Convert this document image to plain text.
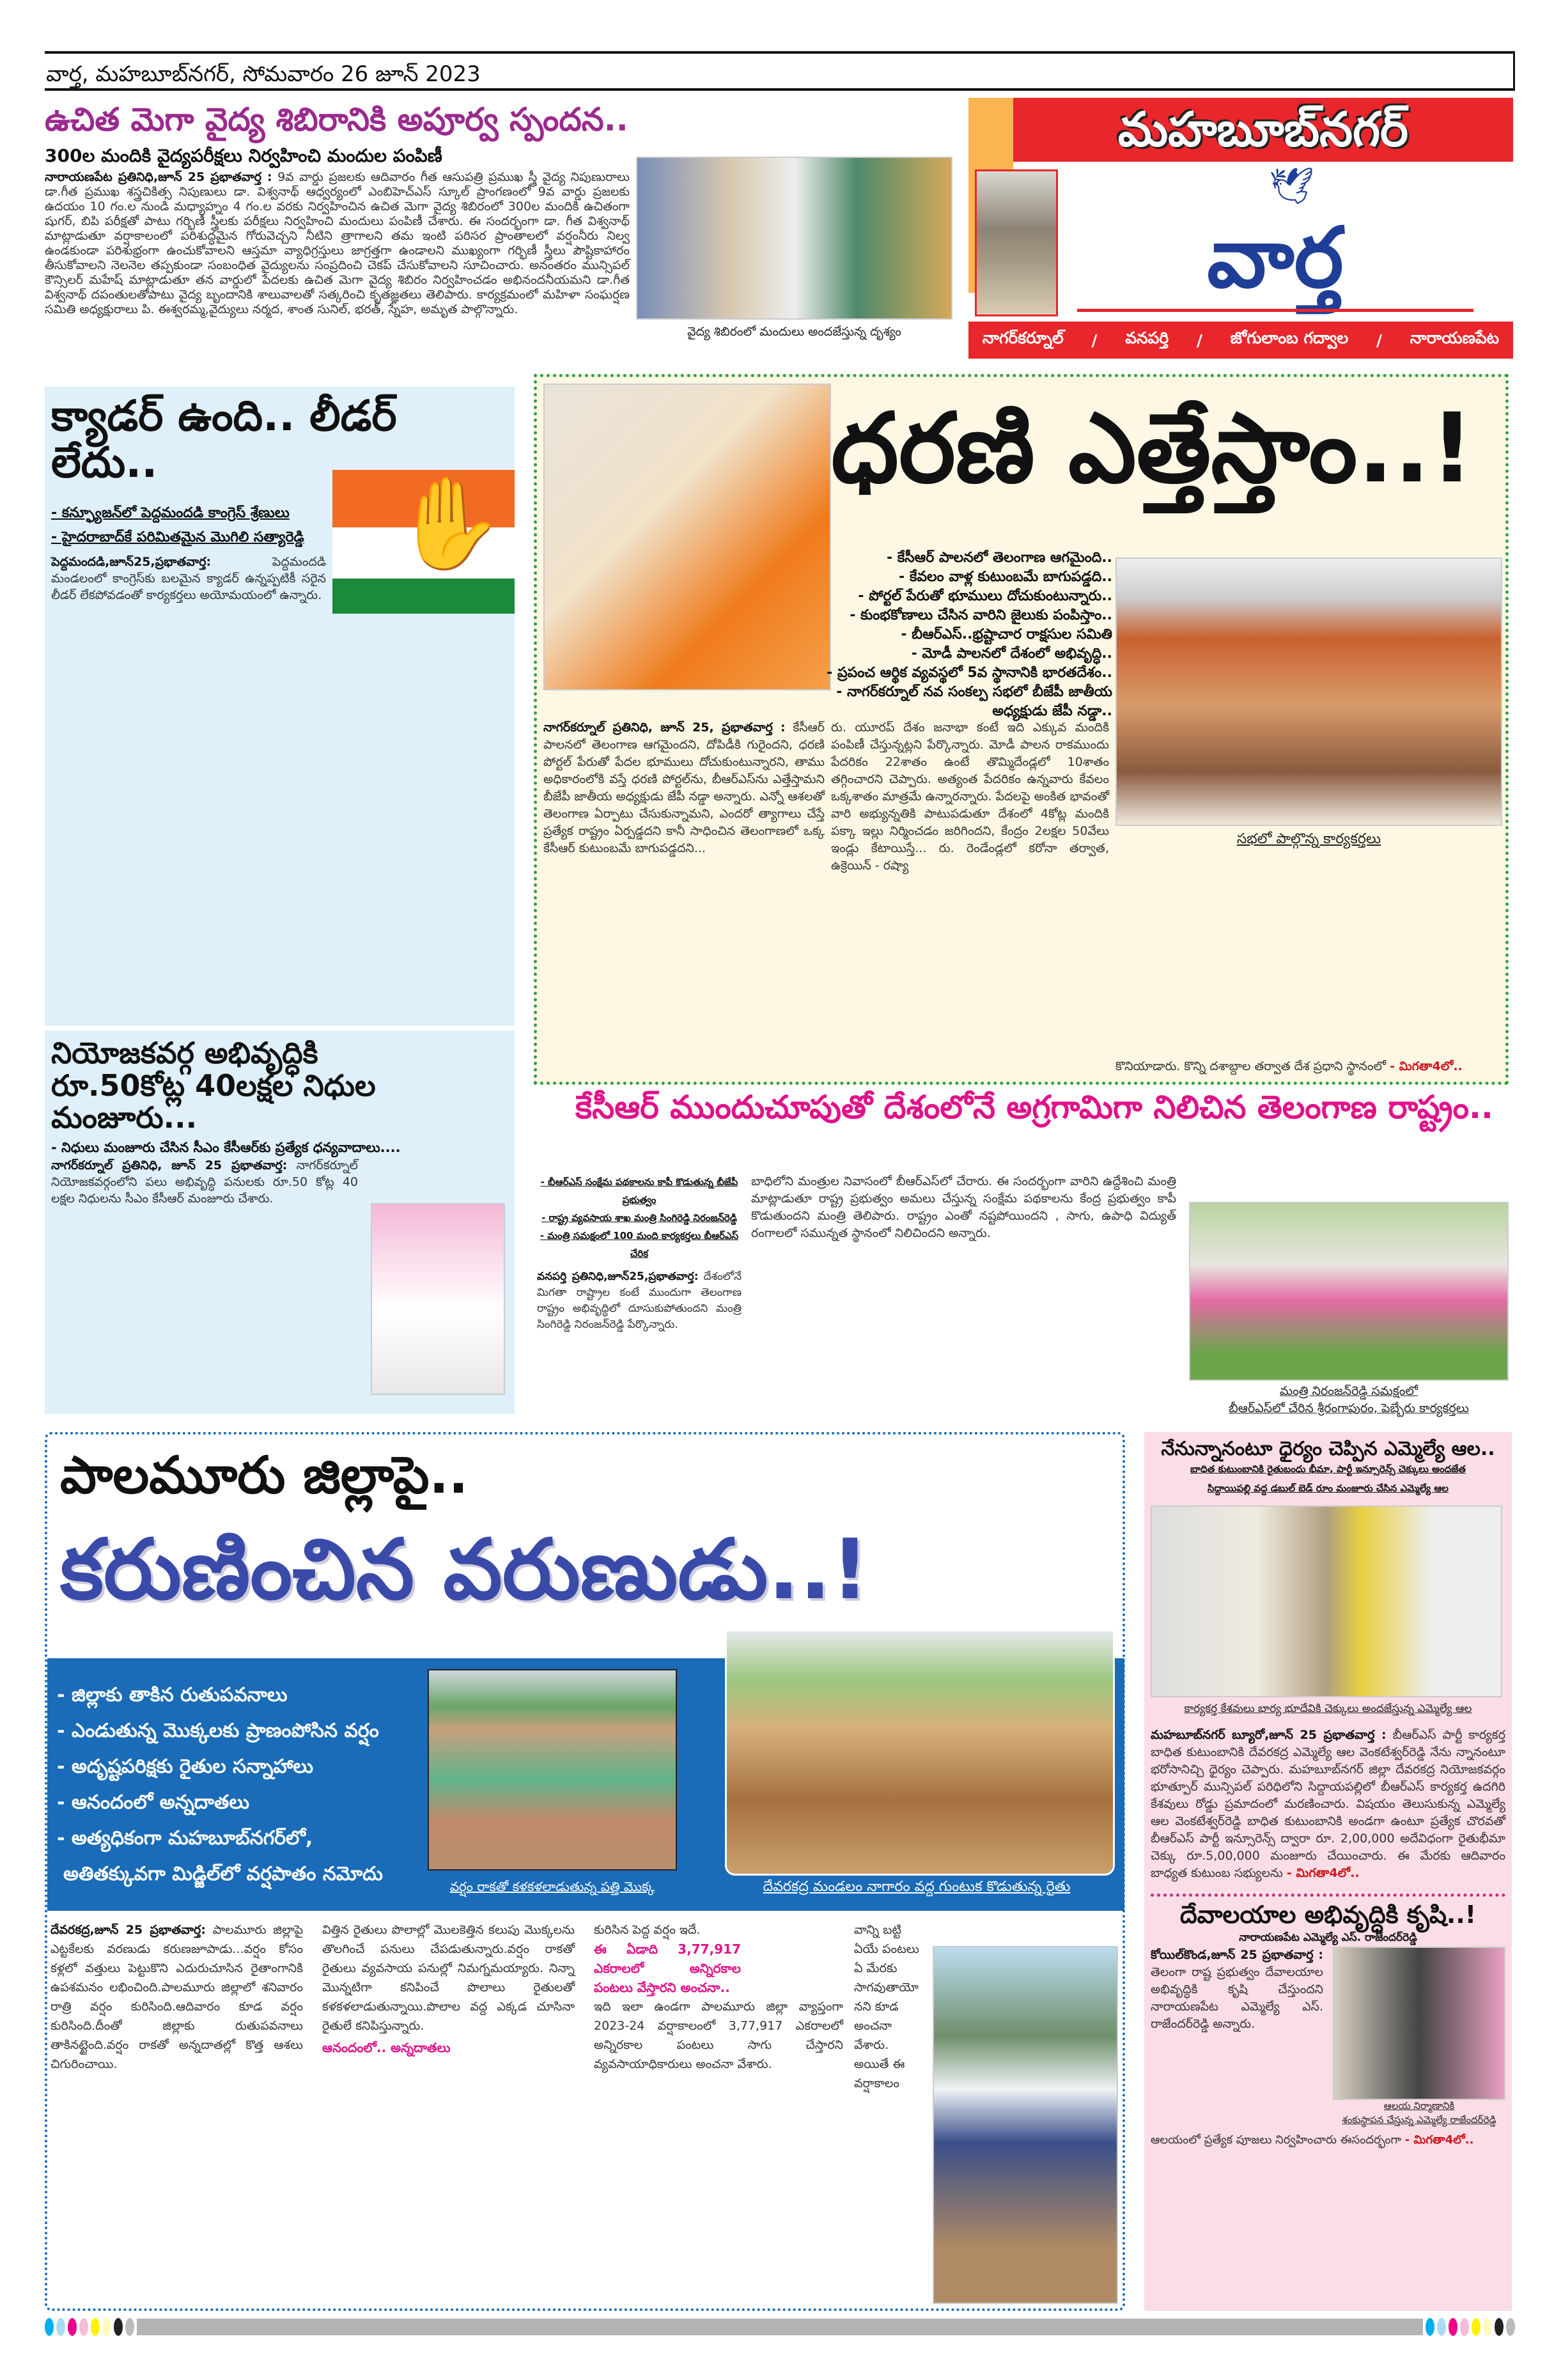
వార్త, మహబూబ్‌నగర్, సోమవారం 26 జూన్ 2023
ఉచిత మెగా వైద్య శిబిరానికి అపూర్వ స్పందన..
300ల మందికి వైద్యపరీక్షలు నిర్వహించి మందుల పంపిణీ
నారాయణపేట ప్రతినిధి,జూన్ 25 ప్రభాతవార్త : 9వ వార్డు ప్రజలకు ఆదివారం గీత ఆసుపత్రి ప్రముఖ స్త్రీ వైద్య నిపుణురాలు డా.గీత ప్రముఖ శస్త్రచికిత్స నిపుణులు డా. విశ్వనాథ్ ఆధ్వర్యంలో ఎంబిహెచ్ఎస్ స్కూల్ ప్రాంగణంలో 9వ వార్డు ప్రజలకు ఉదయం 10 గం.ల నుండి మధ్యాహ్నం 4 గం.ల వరకు నిర్వహించిన ఉచిత మెగా వైద్య శిబిరంలో 300ల మందికి ఉచితంగా షుగర్, బిపి పరీక్షతో పాటు గర్భిణీ స్త్రీలకు పరీక్షలు నిర్వహించి మందులు పంపిణీ చేశారు. ఈ సందర్భంగా డా. గీత విశ్వనాథ్ మాట్లాడుతూ వర్షాకాలంలో పరిశుద్ధమైన గోరువెచ్చని నీటిని త్రాగాలని తమ ఇంటి పరిసర ప్రాంతాలలో వర్షంనీరు నిల్వ ఉండకుండా పరిశుభ్రంగా ఉంచుకోవాలని ఆస్తమా వ్యాధిగ్రస్తులు జాగ్రత్తగా ఉండాలని ముఖ్యంగా గర్భిణీ స్త్రీలు పౌష్టికాహారం తీసుకోవాలని నెలనెల తప్పకుండా సంబంధిత వైద్యులను సంప్రదించి చెకప్ చేసుకోవాలని సూచించారు. అనంతరం మున్సిపల్ కౌన్సిలర్ మహేష్ మాట్లాడుతూ తన వార్డులో పేదలకు ఉచిత మెగా వైద్య శిబిరం నిర్వహించడం అభినందనీయమని డా.గీత విశ్వనాథ్ దపంతులతోపాటు వైద్య బృందానికి శాలువాలతో సత్కరించి కృతజ్ఞతలు తెలిపారు. కార్యక్రమంలో మహిళా సంఘర్షణ సమితి అధ్యక్షురాలు పి. ఈశ్వరమ్మ,వైద్యులు నర్మద, శాంత సునిల్, భరత్, స్నేహ, అమృత పాల్గొన్నారు.
వైద్య శిబిరంలో మందులు అందజేస్తున్న దృశ్యం
మహబూబ్‌నగర్
🕊
వార్త
నాగర్‌కర్నూల్ / వనపర్తి / జోగులాంబ గద్వాల / నారాయణపేట
క్యాడర్ ఉంది.. లీడర్ లేదు..
- కన్ఫ్యూజన్‌లో పెద్దమందడి కాంగ్రెస్ శ్రేణులు
- హైదరాబాద్‌కే పరిమితమైన మొగిలి సత్యారెడ్డి ✋
పెద్దమందడి,జూన్25,ప్రభాతవార్త:	పెద్దమందడి మండలంలో కాంగ్రెస్‌కు బలమైన క్యాడర్ ఉన్నప్పటికీ సరైన లీడర్ లేకపోవడంతో కార్యకర్తలు అయోమయంలో ఉన్నారు.
నియోజకవర్గ అభివృద్ధికి
రూ.50కోట్ల 40లక్షల నిధుల మంజూరు...
- నిధులు మంజూరు చేసిన సీఎం కేసీఆర్‌కు ప్రత్యేక ధన్యవాదాలు....
నాగర్‌కర్నూల్ ప్రతినిధి, జూన్ 25 ప్రభాతవార్త: నాగర్‌కర్నూల్ నియోజకవర్గంలోని పలు అభివృద్ధి పనులకు రూ.50 కోట్ల 40 లక్షల నిధులను సీఎం కేసీఆర్ మంజూరు చేశారు.
ధరణి ఎత్తేస్తాం..!
- కేసీఆర్ పాలనలో తెలంగాణ ఆగమైంది..
- కేవలం వాళ్ల కుటుంబమే బాగుపడ్డది..
- పోర్టల్ పేరుతో భూములు దోచుకుంటున్నారు..
- కుంభకోణాలు చేసిన వారిని జైలుకు పంపిస్తాం..
- బీఆర్ఎస్..భ్రష్టాచార రాక్షసుల సమితి
- మోడీ పాలనలో దేశంలో అభివృద్ధి..
- ప్రపంచ ఆర్థిక వ్యవస్థలో 5వ స్థానానికి భారతదేశం..
- నాగర్‌కర్నూల్ నవ సంకల్ప సభలో బీజేపీ జాతీయ అధ్యక్షుడు జేపీ నడ్డా..
సభలో పాల్గొన్న కార్యకర్తలు
నాగర్‌కర్నూల్ ప్రతినిధి, జూన్ 25, ప్రభాతవార్త : కేసీఆర్ పాలనలో తెలంగాణ ఆగమైందని, దోపిడీకి గురైందని, ధరణి పోర్టల్ పేరుతో పేదల భూములు దోచుకుంటున్నారని, తాము అధికారంలోకి వస్తే ధరణి పోర్టల్‌ను, బీఆర్ఎస్‌ను ఎత్తేస్తామని బీజేపీ జాతీయ అధ్యక్షుడు జేపీ నడ్డా అన్నారు. ఎన్నో ఆశలతో తెలంగాణ ఏర్పాటు చేసుకున్నామని, ఎందరో త్యాగాలు చేస్తే ప్రత్యేక రాష్ట్రం ఏర్పడ్డదని కానీ సాధించిన తెలంగాణలో ఒక్క కేసీఆర్ కుటుంబమే బాగుపడ్డదని...
రు. యూరప్ దేశం జనాభా కంటే ఇది ఎక్కువ మందికి పంపిణీ చేస్తున్నట్లని పేర్కొన్నారు. మోడీ పాలన రాకముందు పేదరికం 22శాతం ఉంటే తొమ్మిదేండ్లలో 10శాతం తగ్గించారని చెప్పారు. అత్యంత పేదరికం ఉన్నవారు కేవలం ఒక్కశాతం మాత్రమే ఉన్నారన్నారు. పేదలపై అంకిత భావంతో వారి అభ్యున్నతికి పాటుపడుతూ దేశంలో 4కోట్ల మందికి పక్కా ఇల్లు నిర్మించడం జరిగిందని, కేంద్రం 2లక్షల 50వేలు ఇండ్లు కేటాయిస్తే... రు. రెండేండ్లలో కరోనా తర్వాత, ఉక్రెయిన్ - రష్యా
కొనియాడారు. కొన్ని దశాబ్దాల తర్వాత దేశ ప్రధాని స్థానంలో - మిగతా4లో..
కేసీఆర్ ముందుచూపుతో దేశంలోనే అగ్రగామిగా నిలిచిన తెలంగాణ రాష్ట్రం..
- బీఆర్ఎస్ సంక్షేమ పథకాలను కాపీ కొడుతున్న బీజేపీ ప్రభుత్వం
- రాష్ట్ర వ్యవసాయ శాఖ మంత్రి సింగిరెడ్డి నిరంజన్‌రెడ్డి
- మంత్రి సమక్షంలో 100 మంది కార్యకర్తలు బీఆర్ఎస్ చేరిక
వనపర్తి ప్రతినిధి,జూన్25,ప్రభాతవార్త: దేశంలోనే మిగతా రాష్ట్రాల కంటే ముందుగా తెలంగాణ రాష్ట్రం అభివృద్ధిలో దూసుకుపోతుందని మంత్రి సింగిరెడ్డి నిరంజన్‌రెడ్డి పేర్కొన్నారు.
బాధిలోని మంత్రుల నివాసంలో బీఆర్ఎస్‌లో చేరారు. ఈ సందర్భంగా వారిని ఉద్దేశించి మంత్రి మాట్లాడుతూ రాష్ట్ర ప్రభుత్వం అమలు చేస్తున్న సంక్షేమ పథకాలను కేంద్ర ప్రభుత్వం కాపీ కొడుతుందని మంత్రి తెలిపారు. రాష్ట్రం ఎంతో నష్టపోయిందని , సాగు, ఉపాధి విద్యుత్ రంగాలలో సమున్నత స్థానంలో నిలిచిందని అన్నారు.
మంత్రి నిరంజన్‌రెడ్డి సమక్షంలో
బీఆర్ఎస్‌లో చేరిన శ్రీరంగాపురం, పెబ్బేరు కార్యకర్తలు
పాలమూరు జిల్లాపై..
కరుణించిన వరుణుడు..!
- జిల్లాకు తాకిన రుతుపవనాలు
- ఎండుతున్న మొక్కలకు ప్రాణంపోసిన వర్షం
- అదృష్టపరిక్షకు రైతుల సన్నాహాలు
- ఆనందంలో అన్నదాతలు
- అత్యధికంగా మహబూబ్‌నగర్‌లో,
అతితక్కువగా మిడ్జిల్‌లో వర్షపాతం నమోదు
వర్షం రాకతో కళకళలాడుతున్న పత్తి మొక్క	దేవరకద్ర మండలం నాగారం వద్ద గుంటుక కొడుతున్న రైతు
దేవరకద్ర,జూన్ 25 ప్రభాతవార్త: పాలమూరు జిల్లాపై ఎట్టకేలకు వరణుడు కరుణజూపాడు...వర్షం కోసం కళ్లలో వత్తులు పెట్టుకొని ఎదురుచూసిన రైతాంగానికి ఉపశమనం లభించింది.పాలమూరు జిల్లాలో శనివారం రాత్రి వర్షం కురిసింది.ఆదివారం కూడ వర్షం కురిసింది.దీంతో జిల్లాకు రుతుపవనాలు తాకినట్టైంది.వర్షం రాకతో అన్నదాతల్లో కొత్త ఆశలు చిగురించాయి.
విత్తిన రైతులు పొలాల్లో మొలకెత్తిన కలుపు మొక్కలను తొలగించే పనులు చేపడుతున్నారు.వర్షం రాకతో రైతులు వ్యవసాయ పనుల్లో నిమగ్నమయ్యారు. నిన్నా మొన్నటిగా కనిపించే పొలాలు రైతులతో కళకళలాడుతున్నాయి.పొలాల వద్ద ఎక్కడ చూసినా రైతులే కనిపిస్తున్నారు.
ఆనందంలో.. అన్నదాతలు
కురిసిన పెద్ద వర్షం ఇదే.
ఈ ఏడాది 3,77,917 ఎకరాలలో అన్నిరకాల పంటలు వేస్తారని అంచనా..
ఇది ఇలా ఉండగా పాలమూరు జిల్లా వ్యాప్తంగా 2023-24 వర్షాకాలంలో 3,77,917 ఎకరాలలో అన్నిరకాల పంటలు సాగు చేస్తారని వ్యవసాయాధికారులు అంచనా వేశారు.
వాన్ని బట్టి ఏయే పంటలు ఏ మేరకు సాగవుతాయోనని కూడ అంచనా వేశారు. అయితే ఈ వర్షాకాలం
నేనున్నానంటూ ధైర్యం చెప్పిన ఎమ్మెల్యే ఆల..
బాధిత కుటుంబానికి రైతుబంధు భీమా, పార్టీ ఇన్సూరెన్స్ చెక్కులు అందజేత
సిద్దాయిపల్లి వద్ద డబుల్ బెడ్ రూం మంజూరు చేసిన ఎమ్మెల్యే ఆల
కార్యకర్త కేశవులు భార్య భూదేవికి చెక్కులు అందజేస్తున్న ఎమ్మెల్యే ఆల
మహబూబ్‌నగర్ బ్యూరో,జూన్ 25 ప్రభాతవార్త : బీఆర్ఎస్ పార్టీ కార్యకర్త బాధిత కుటుంబానికి దేవరకద్ర ఎమ్మెల్యే ఆల వెంకటేశ్వర్‌రెడ్డి నేను న్నానంటూ భరోసానిచ్చి ధైర్యం చెప్పారు. మహబూబ్‌నగర్ జిల్లా దేవరకద్ర నియోజకవర్గం భూత్పూర్ మున్సిపల్ పరిధిలోని సిద్దాయపల్లిలో బీఆర్ఎస్ కార్యకర్త ఉదగిరి కేశవులు రోడ్డు ప్రమాదంలో మరణించారు. విషయం తెలుసుకున్న ఎమ్మెల్యే ఆల వెంకటేశ్వర్‌రెడ్డి బాధిత కుటుంబానికి అండగా ఉంటూ ప్రత్యేక చొరవతో బీఆర్ఎస్ పార్టీ ఇన్సూరెన్స్ ద్వారా రూ. 2,00,000 అదేవిధంగా రైతుభీమా చెక్కు రూ.5,00,000 మంజూరు చేయించారు. ఈ మేరకు ఆదివారం బాధ్యత కుటుంబ సభ్యులను - మిగతా4లో..
దేవాలయాల అభివృద్ధికి కృషి..!
నారాయణపేట ఎమ్మెల్యే ఎస్. రాజేందర్‌రెడ్డి
కోయిల్‌కొండ,జూన్ 25 ప్రభాతవార్త : తెలంగా రాష్ట ప్రభుత్వం దేవాలయాల అభివృద్ధికి కృషి చేస్తుందని నారాయణపేట ఎమ్మెల్యే ఎస్. రాజేందర్‌రెడ్డి అన్నారు.
ఆలయ నిర్మాణానికి
శంకుస్థాపన చేస్తున్న ఎమ్మెల్యే రాజేందర్‌రెడ్డి
ఆలయంలో ప్రత్యేక పూజలు నిర్వహించారు ఈసందర్భంగా - మిగతా4లో..
